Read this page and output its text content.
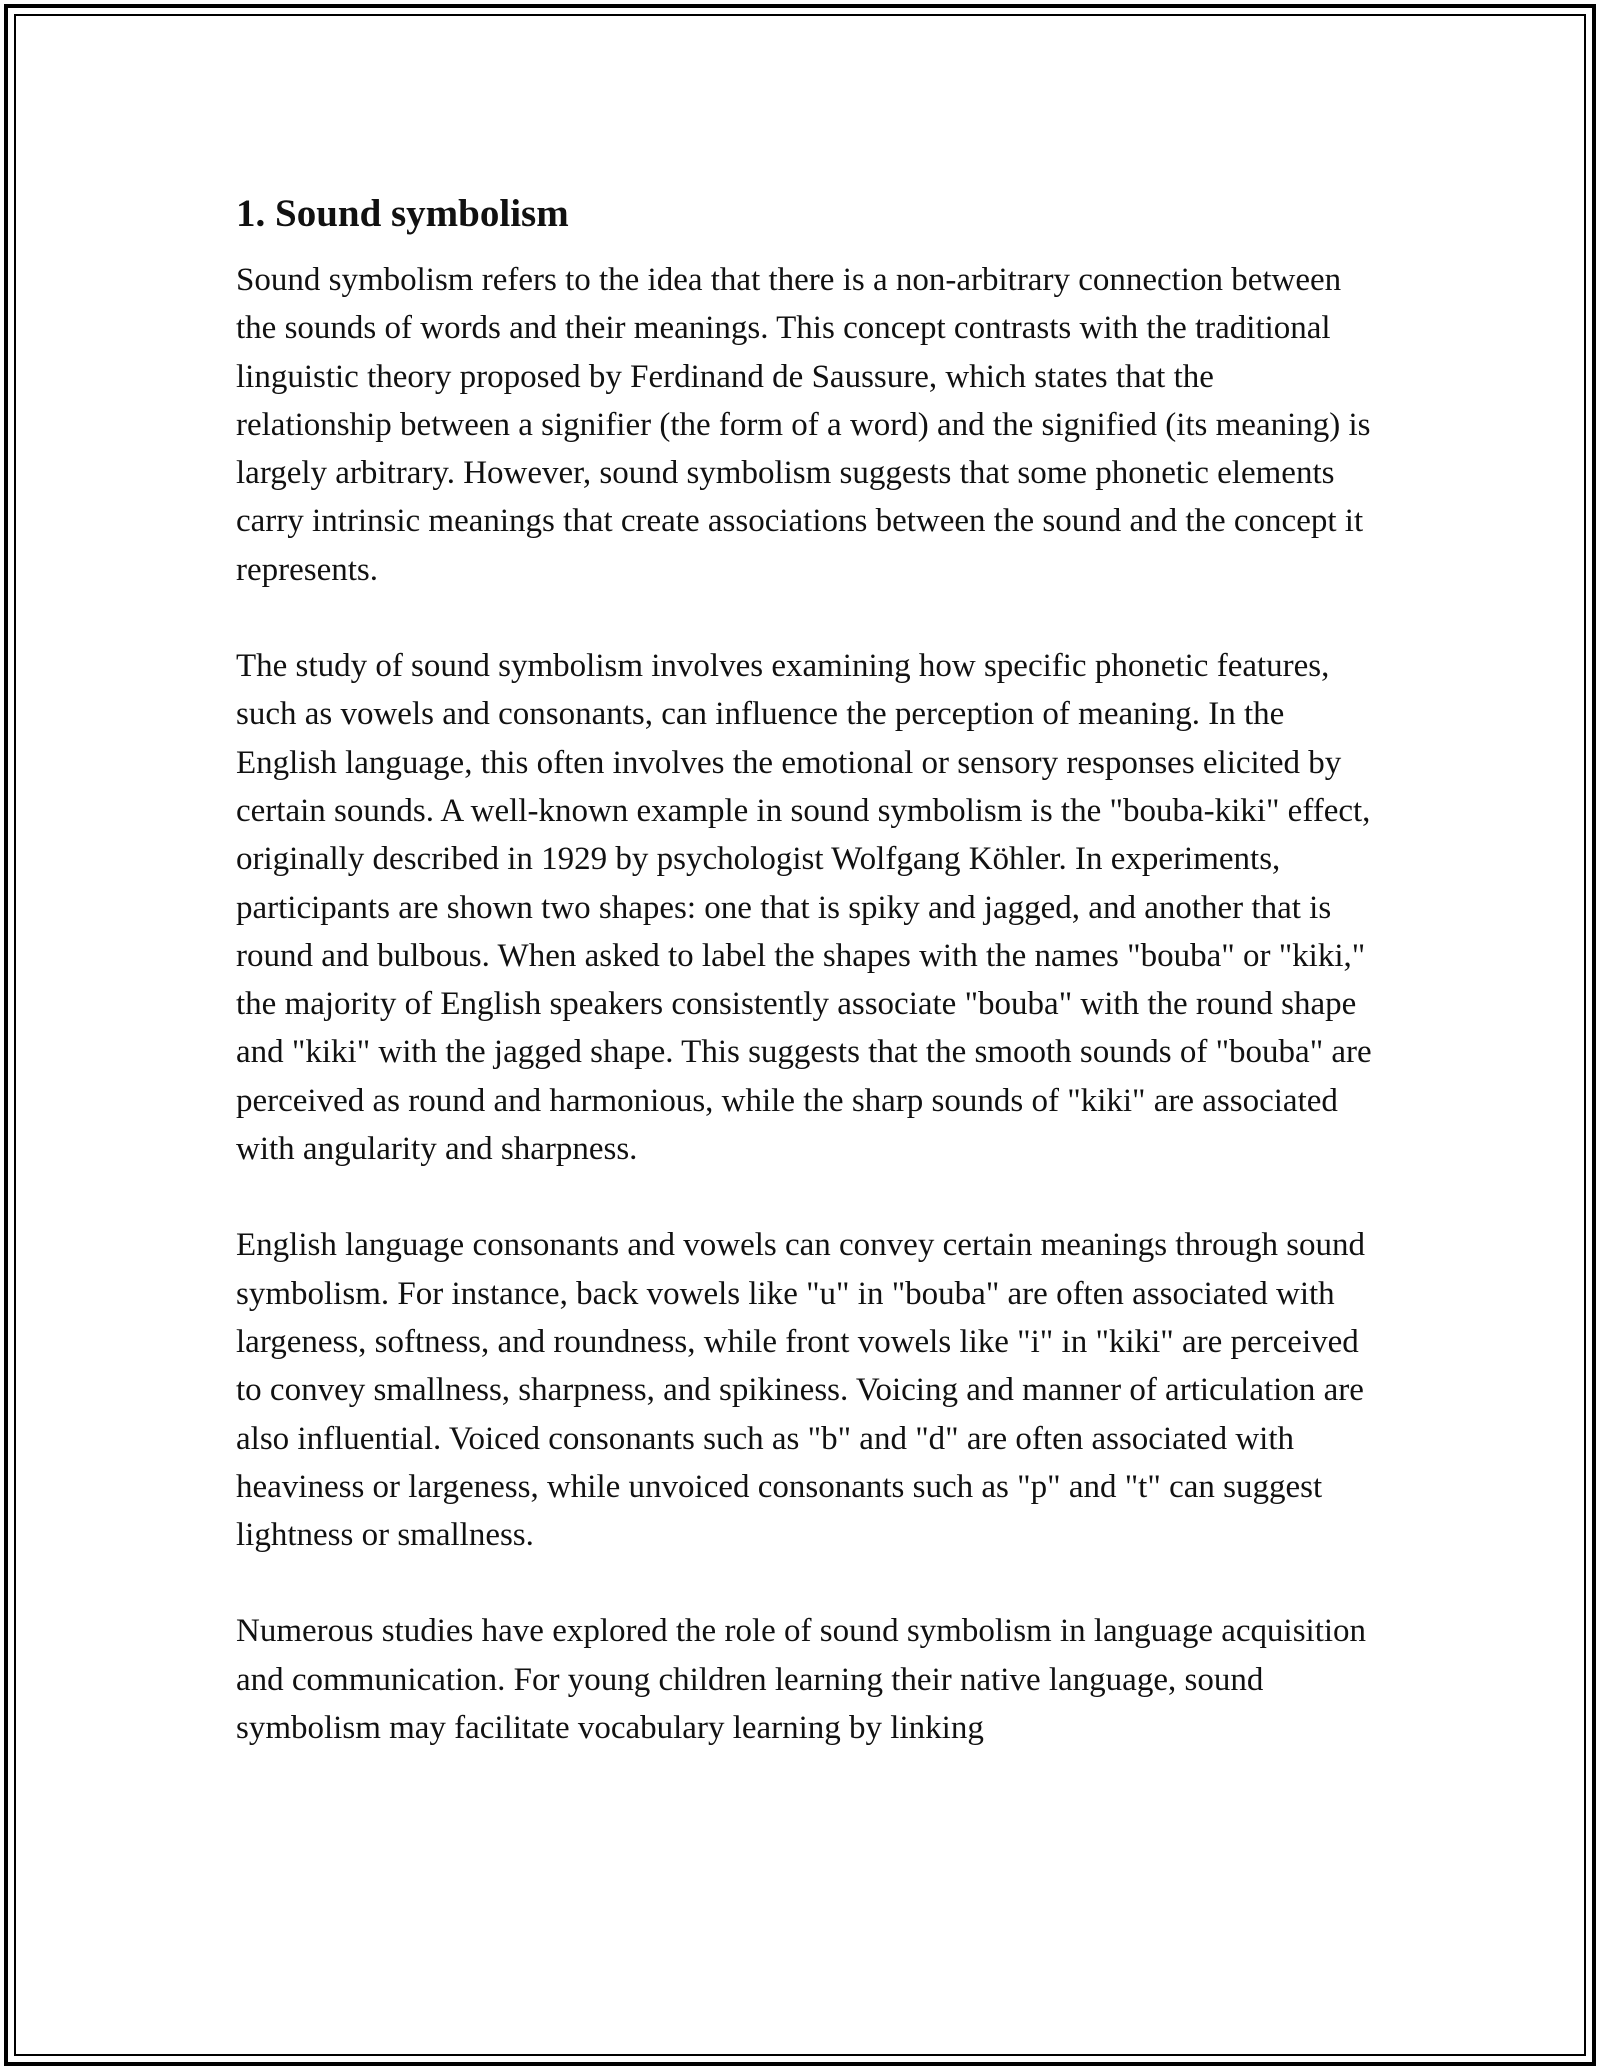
1. Sound symbolism

Sound symbolism refers to the idea that there is a non-arbitrary connection between the sounds of words and their meanings. This concept contrasts with the traditional linguistic theory proposed by Ferdinand de Saussure, which states that the relationship between a signifier (the form of a word) and the signified (its meaning) is largely arbitrary. However, sound symbolism suggests that some phonetic elements carry intrinsic meanings that create associations between the sound and the concept it represents.

The study of sound symbolism involves examining how specific phonetic features, such as vowels and consonants, can influence the perception of meaning. In the English language, this often involves the emotional or sensory responses elicited by certain sounds. A well-known example in sound symbolism is the "bouba-kiki" effect, originally described in 1929 by psychologist Wolfgang Köhler. In experiments, participants are shown two shapes: one that is spiky and jagged, and another that is round and bulbous. When asked to label the shapes with the names "bouba" or "kiki," the majority of English speakers consistently associate "bouba" with the round shape and "kiki" with the jagged shape. This suggests that the smooth sounds of "bouba" are perceived as round and harmonious, while the sharp sounds of "kiki" are associated with angularity and sharpness.

English language consonants and vowels can convey certain meanings through sound symbolism. For instance, back vowels like "u" in "bouba" are often associated with largeness, softness, and roundness, while front vowels like "i" in "kiki" are perceived to convey smallness, sharpness, and spikiness. Voicing and manner of articulation are also influential. Voiced consonants such as "b" and "d" are often associated with heaviness or largeness, while unvoiced consonants such as "p" and "t" can suggest lightness or smallness.

Numerous studies have explored the role of sound symbolism in language acquisition and communication. For young children learning their native language, sound symbolism may facilitate vocabulary learning by linking
